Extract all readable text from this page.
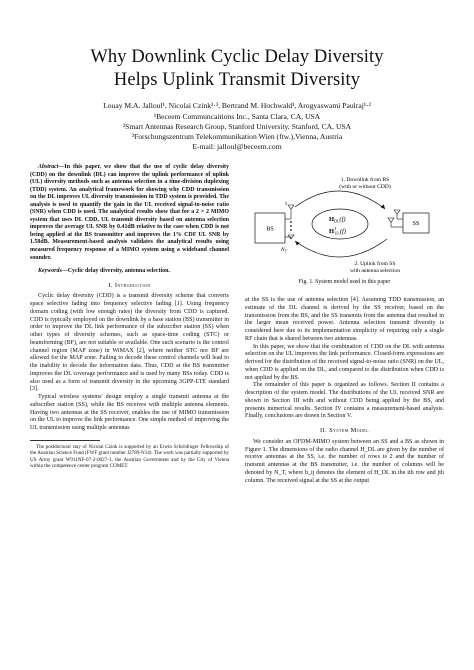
Why Downlink Cyclic Delay Diversity
Helps Uplink Transmit Diversity
Louay M.A. Jalloul¹, Nicolai Czink²·³, Bertrand M. Hochwald¹, Arogyaswami Paulraj¹·²
¹Beceem Communcaitions Inc., Santa Clara, CA, USA
²Smart Antennas Research Group, Stanford University, Stanford, CA, USA
³Forschungszentrum Telekommunikation Wien (ftw.),Vienna, Austria
E-mail: jalloul@beceem.com

Abstract—In this paper, we show that the use of cyclic delay diversity (CDD) on the downlink (DL) can improve the uplink performance of uplink (UL) diversity methods such as antenna selection in a time-division duplexing (TDD) system. An analytical framework for showing why CDD transmission on the DL improves UL diversity transmission in TDD system is provided. The analysis is used to quantify the gain in the UL received signal-to-noise ratio (SNR) when CDD is used. The analytical results show that for a 2 × 2 MIMO system that uses DL CDD, UL transmit diversity based on antenna selection improves the average UL SNR by 0.41dB relative to the case when CDD is not being applied at the BS transmitter and improves the 1% CDF UL SNR by 1.58dB. Measurement-based analysis validates the analytical results using measured frequency response of a MIMO system using a wideband channel sounder.

Keywords—Cyclic delay diversity, antenna selection.

I. Introduction

Cyclic delay diversity (CDD) is a transmit diversity scheme that converts space selective fading into frequency selective fading [1]. Using frequency domain coding (with low enough rates) the diversity from CDD is captured. CDD is typically employed on the downlink by a base station (BS) transmitter in order to improve the DL link performance of the subscriber station (SS) when other types of diversity schemes, such as space-time coding (STC) or beamforming (BF), are not suitable or available. One such scenario is the control channel region (MAP zone) in WiMAX [2], where neither STC nor BF are allowed for the MAP zone. Failing to decode these control channels will lead to the inability to decode the information data. Thus, CDD at the BS transmitter improves the DL coverage performance and is used by many BSs today. CDD is also used as a form of transmit diversity in the upcoming 3GPP-LTE standard [3].

Typical wireless systems' design employ a single transmit antenna at the subscriber station (SS), while the BS receives with multiple antenna elements. Having two antennas at the SS receiver, enables the use of MIMO transmission on the UL to improve the link performance. One simple method of improving the UL transmission using multiple antennas

The postdoctoral stay of Nicolai Czink is supported by an Erwin Schrödinger Fellowship of the Austrian Science Fund (FWF grant number J2789-N14). The work was partially supported by US Army grant W911NF-07-2-0027-1, the Austrian Government and by the City of Vienna within the competence center program COMET.

BS
SS
1
$N_T$
$H_{DL}(f)$
$H^T$ UL(f)
1. Downlink from BS
(with or without CDD)
2. Uplink from SS
with antenna selection
Fig. 1. System model used in this paper

at the SS is the use of antenna selection [4]. Assuming TDD transmission, an estimate of the DL channel is derived by the SS receiver, based on the transmission from the BS, and the SS transmits from the antenna that resulted in the larger mean received power. Antenna selection transmit diversity is considered here due to its implementation simplicity of requiring only a single RF chain that is shared between two antennas.

In this paper, we show that the combination of CDD on the DL with antenna selection on the UL improves the link performance. Closed-form expressions are derived for the distribution of the received signal-to-noise ratio (SNR) on the UL, when CDD is applied on the DL, and compared to the distribution when CDD is not applied by the BS.

The remainder of this paper is organized as follows. Section II contains a description of the system model. The distributions of the UL received SNR are shown in Section III with and without CDD being applied by the BS, and presents numerical results. Section IV contains a measurement-based analysis. Finally, conclusions are drawn in Section V.

II. System Model

We consider an OFDM-MIMO system between an SS and a BS as shown in Figure 1. The dimensions of the radio channel H_DL are given by the number of receive antennas at the SS, i.e. the number of rows is 2 and the number of transmit antennas at the BS transmitter, i.e. the number of columns will be denoted by N_T, where h_ij denotes the element of H_DL in the ith row and jth column. The received signal at the SS at the output
